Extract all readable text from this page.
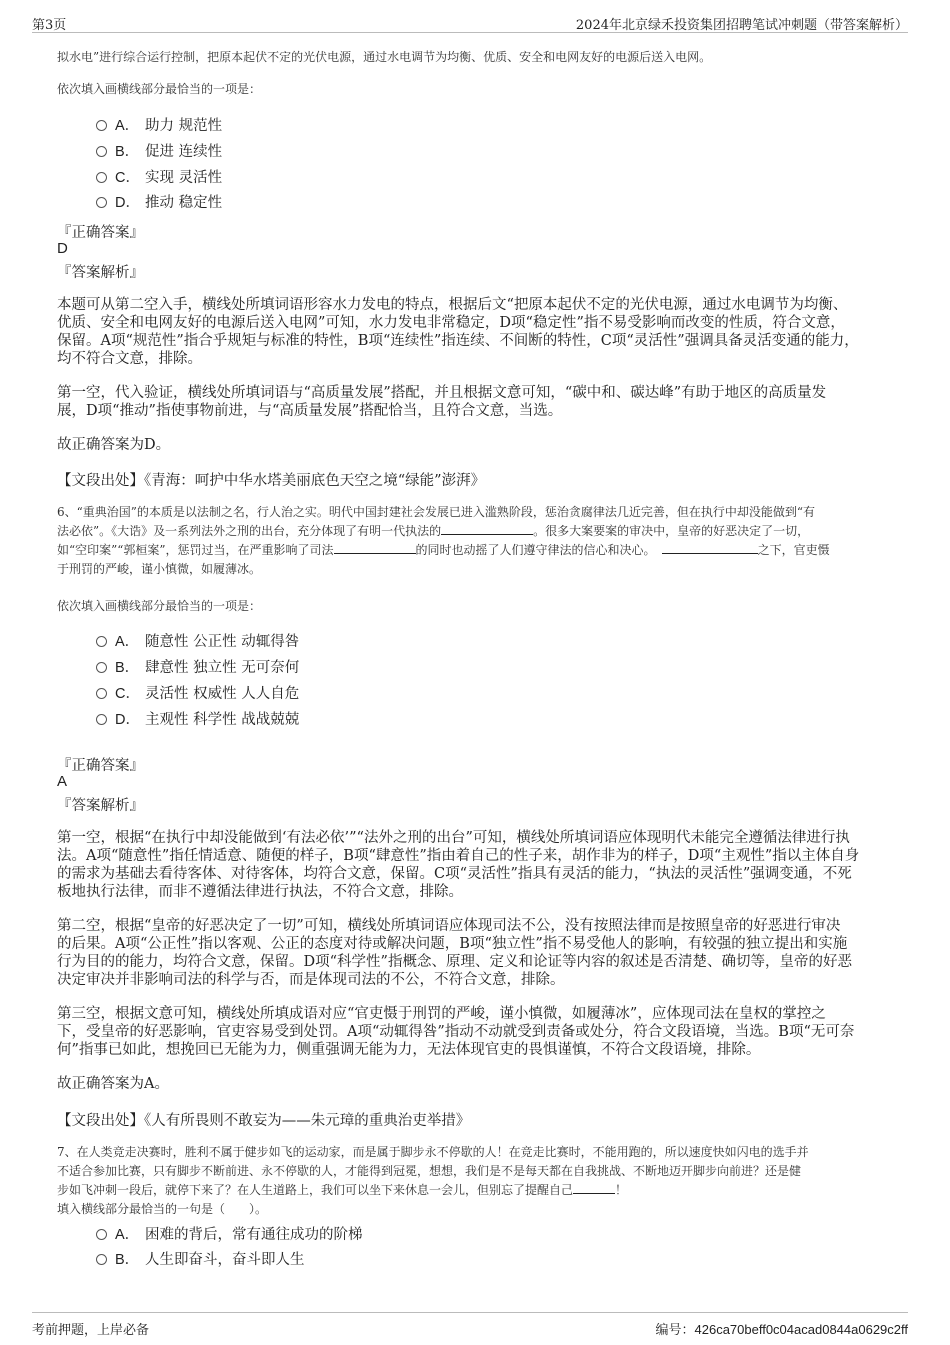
第3页	2024年北京绿禾投资集团招聘笔试冲刺题（带答案解析）
拟水电”进行综合运行控制，把原本起伏不定的光伏电源，通过水电调节为均衡、优质、安全和电网友好的电源后送入电网。
依次填入画横线部分最恰当的一项是：
A． 助力 规范性
B． 促进 连续性
C． 实现 灵活性
D． 推动 稳定性
『正确答案』
D
『答案解析』
本题可从第二空入手，横线处所填词语形容水力发电的特点，根据后文“把原本起伏不定的光伏电源，通过水电调节为均衡、
优质、安全和电网友好的电源后送入电网”可知，水力发电非常稳定，D项“稳定性”指不易受影响而改变的性质，符合文意，
保留。A项“规范性”指合乎规矩与标准的特性，B项“连续性”指连续、不间断的特性，C项“灵活性”强调具备灵活变通的能力，
均不符合文意，排除。
第一空，代入验证，横线处所填词语与“高质量发展”搭配，并且根据文意可知，“碳中和、碳达峰”有助于地区的高质量发
展，D项“推动”指使事物前进，与“高质量发展”搭配恰当，且符合文意，当选。
故正确答案为D。
【文段出处】《青海：呵护中华水塔美丽底色天空之境“绿能”澎湃》
6、“重典治国”的本质是以法制之名，行人治之实。明代中国封建社会发展已进入滥熟阶段，惩治贪腐律法几近完善，但在执行中却没能做到“有
法必依”。《大诰》及一系列法外之刑的出台，充分体现了有明一代执法的	。很多大案要案的审决中，皇帝的好恶决定了一切，
如“空印案”“郭桓案”，惩罚过当，在严重影响了司法	的同时也动摇了人们遵守律法的信心和决心。　	之下，官吏慑
于刑罚的严峻，谨小慎微，如履薄冰。
依次填入画横线部分最恰当的一项是：
A． 随意性 公正性 动辄得咎
B． 肆意性 独立性 无可奈何
C． 灵活性 权威性 人人自危
D． 主观性 科学性 战战兢兢
『正确答案』
A
『答案解析』
第一空，根据“在执行中却没能做到‘有法必依’”“法外之刑的出台”可知，横线处所填词语应体现明代未能完全遵循法律进行执
法。A项“随意性”指任情适意、随便的样子，B项“肆意性”指由着自己的性子来，胡作非为的样子，D项“主观性”指以主体自身
的需求为基础去看待客体、对待客体，均符合文意，保留。C项“灵活性”指具有灵活的能力，“执法的灵活性”强调变通，不死
板地执行法律，而非不遵循法律进行执法，不符合文意，排除。
第二空，根据“皇帝的好恶决定了一切”可知，横线处所填词语应体现司法不公，没有按照法律而是按照皇帝的好恶进行审决
的后果。A项“公正性”指以客观、公正的态度对待或解决问题，B项“独立性”指不易受他人的影响，有较强的独立提出和实施
行为目的的能力，均符合文意，保留。D项“科学性”指概念、原理、定义和论证等内容的叙述是否清楚、确切等，皇帝的好恶
决定审决并非影响司法的科学与否，而是体现司法的不公，不符合文意，排除。
第三空，根据文意可知，横线处所填成语对应“官吏慑于刑罚的严峻，谨小慎微，如履薄冰”，应体现司法在皇权的掌控之
下，受皇帝的好恶影响，官吏容易受到处罚。A项“动辄得咎”指动不动就受到责备或处分，符合文段语境，当选。B项“无可奈
何”指事已如此，想挽回已无能为力，侧重强调无能为力，无法体现官吏的畏惧谨慎，不符合文段语境，排除。
故正确答案为A。
【文段出处】《人有所畏则不敢妄为——朱元璋的重典治吏举措》
7、在人类竞走决赛时，胜利不属于健步如飞的运动家，而是属于脚步永不停歇的人！在竞走比赛时，不能用跑的，所以速度快如闪电的选手并
不适合参加比赛，只有脚步不断前进、永不停歇的人，才能得到冠冕，想想，我们是不是每天都在自我挑战、不断地迈开脚步向前进？还是健
步如飞冲刺一段后，就停下来了？在人生道路上，我们可以坐下来休息一会儿，但别忘了提醒自己	！
填入横线部分最恰当的一句是（　　）。
A． 困难的背后，常有通往成功的阶梯
B． 人生即奋斗，奋斗即人生
考前押题，上岸必备	编号：426ca70beff0c04acad0844a0629c2ff
